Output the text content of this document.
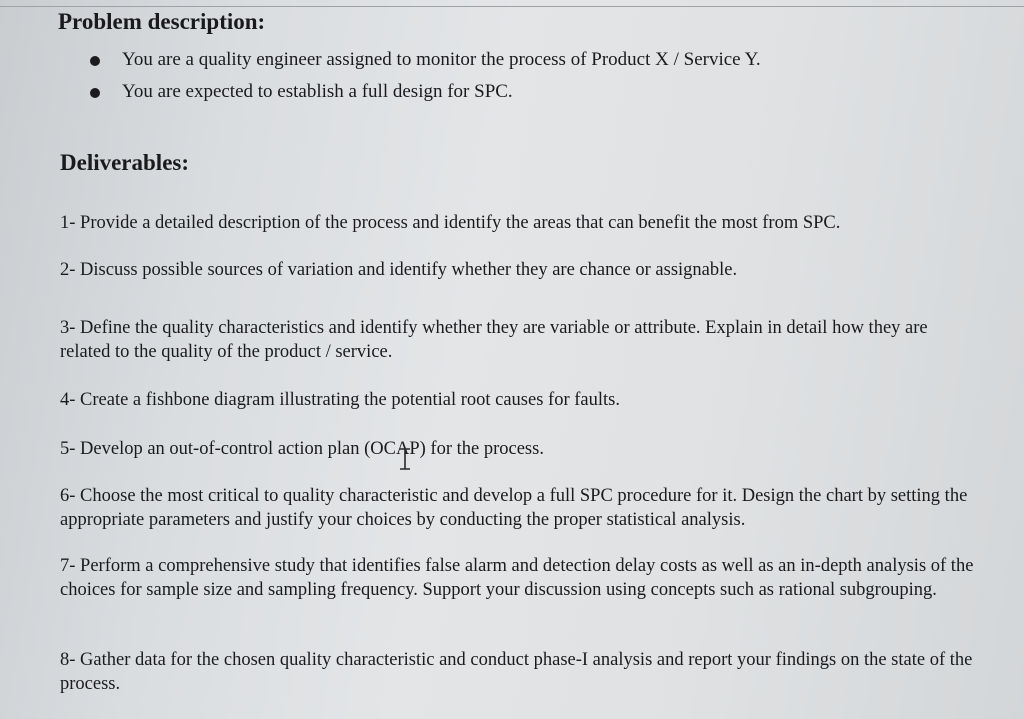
Problem description:
You are a quality engineer assigned to monitor the process of Product X / Service Y.
You are expected to establish a full design for SPC.
Deliverables:

1- Provide a detailed description of the process and identify the areas that can benefit the most from SPC.

2- Discuss possible sources of variation and identify whether they are chance or assignable.

3- Define the quality characteristics and identify whether they are variable or attribute. Explain in detail how they are related to the quality of the product / service.

4- Create a fishbone diagram illustrating the potential root causes for faults.

5- Develop an out-of-control action plan (OCAP) for the process.

6- Choose the most critical to quality characteristic and develop a full SPC procedure for it. Design the chart by setting the appropriate parameters and justify your choices by conducting the proper statistical analysis.

7- Perform a comprehensive study that identifies false alarm and detection delay costs as well as an in-depth analysis of the choices for sample size and sampling frequency. Support your discussion using concepts such as rational subgrouping.

8- Gather data for the chosen quality characteristic and conduct phase-I analysis and report your findings on the state of the process.
